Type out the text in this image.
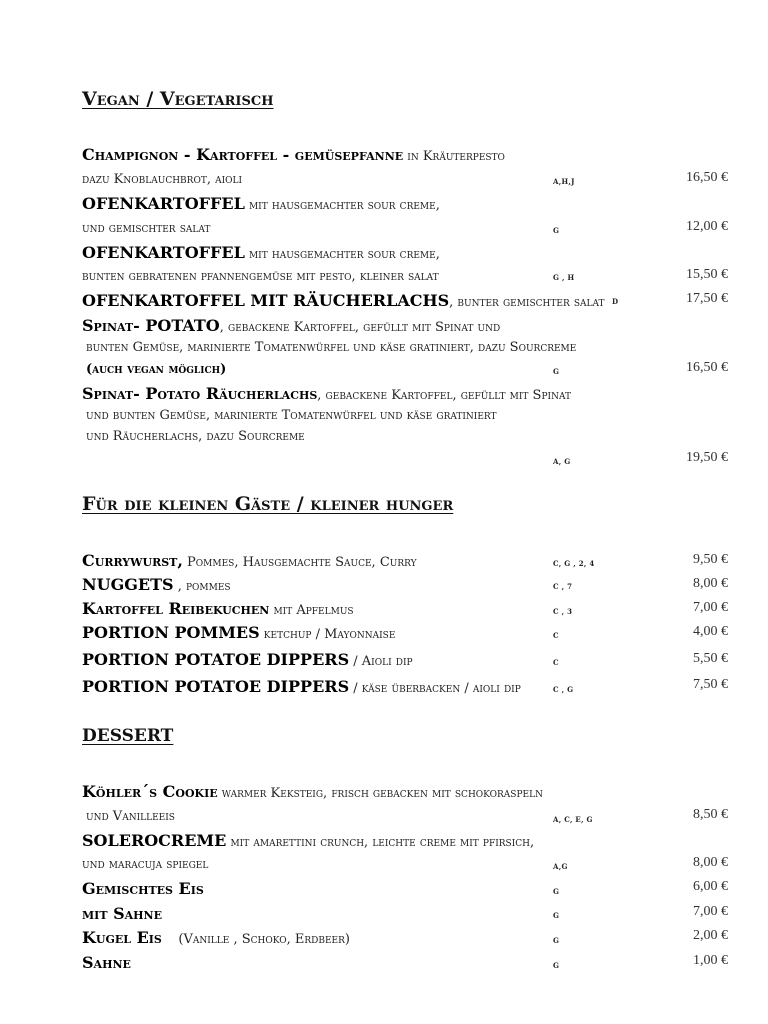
Vegan / Vegetarisch
Für die kleinen Gäste / kleiner hunger
DESSERT
Champignon - Kartoffel - gemüsepfanne in Kräuterpesto
dazu Knoblauchbrot, aioli	A,H,J	16,50 €
OFENKARTOFFEL mit hausgemachter sour creme,
und gemischter salat	G	12,00 €
OFENKARTOFFEL mit hausgemachter sour creme,
bunten gebratenen pfannengemüse mit pesto, kleiner salat	G , H	15,50 €
OFENKARTOFFEL MIT RÄUCHERLACHS, bunter gemischter salat D	17,50 €
Spinat- POTATO, gebackene Kartoffel, gefüllt mit Spinat und
bunten Gemüse, marinierte Tomatenwürfel und käse gratiniert, dazu Sourcreme
(auch vegan möglich)	G	16,50 €
Spinat- Potato Räucherlachs, gebackene Kartoffel, gefüllt mit Spinat
und bunten Gemüse, marinierte Tomatenwürfel und käse gratiniert
und Räucherlachs, dazu Sourcreme
A, G	19,50 €
Currywurst, Pommes, Hausgemachte Sauce, Curry	C, G , 2, 4	9,50 €
NUGGETS , pommes	C , 7	8,00 €
Kartoffel Reibekuchen mit Apfelmus	C , 3	7,00 €
PORTION POMMES ketchup / Mayonnaise	C	4,00 €
PORTION POTATOE DIPPERS / Aioli dip	C	5,50 €
PORTION POTATOE DIPPERS / käse überbacken / aioli dip	C , G	7,50 €
Köhler´s Cookie warmer Keksteig, frisch gebacken mit schokoraspeln
und Vanilleeis	A, C, E, G	8,50 €
SOLEROCREME mit amarettini crunch, leichte creme mit pfirsich,
und maracuja spiegel	A,G	8,00 €
Gemischtes Eis	G	6,00 €
mit Sahne	G	7,00 €
Kugel Eis    (Vanille , Schoko, Erdbeer)	G	2,00 €
Sahne	G	1,00 €
